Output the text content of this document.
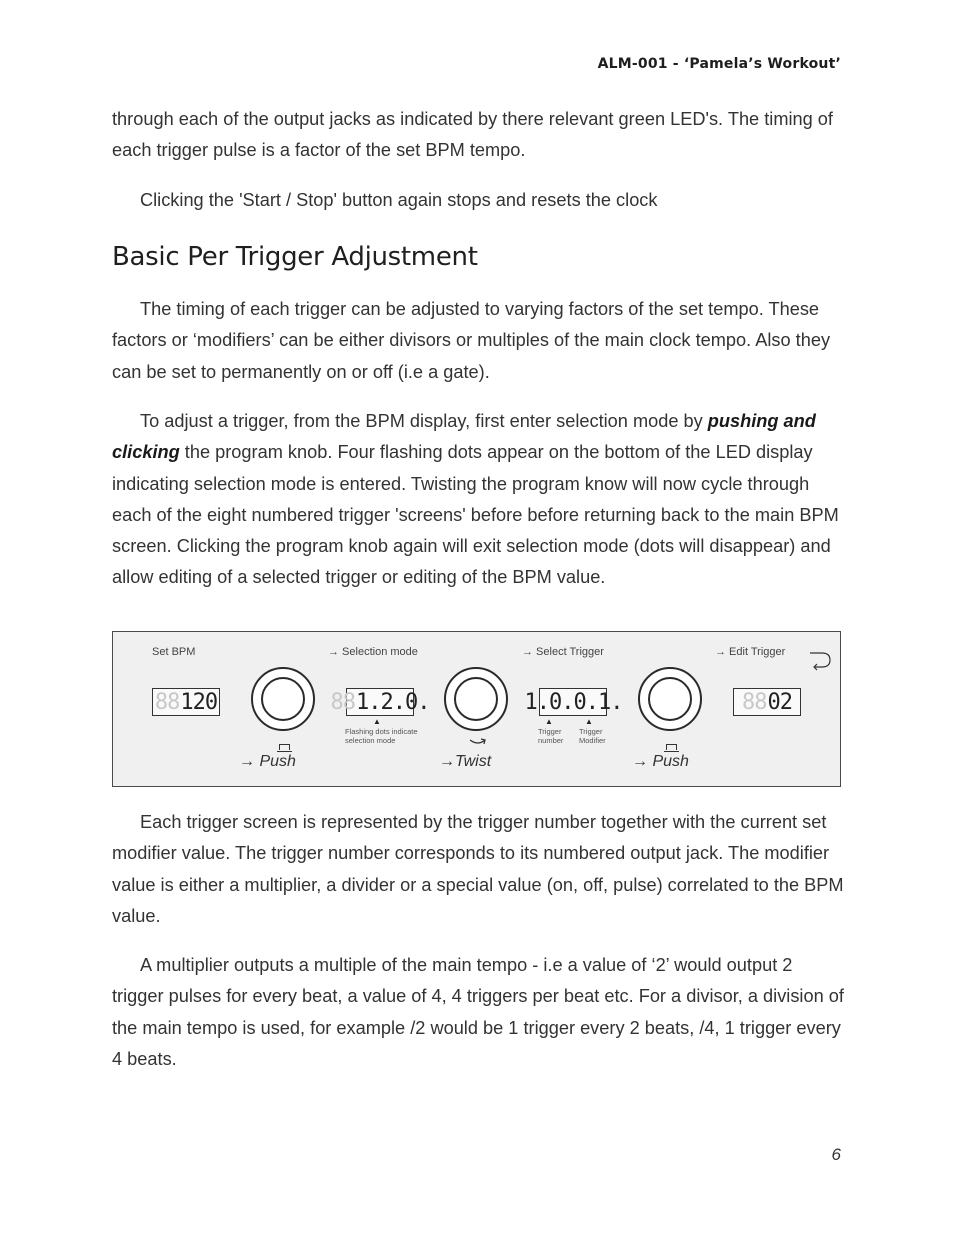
ALM-001 - ‘Pamela’s Workout’

through each of the output jacks as indicated by there relevant green LED's. The timing of each trigger pulse is a factor of the set BPM tempo.

Clicking the 'Start / Stop' button again stops and resets the clock

Basic Per Trigger Adjustment

The timing of each trigger can be adjusted to varying factors of the set tempo. These factors or ‘modifiers’ can be either divisors or multiples of the main clock tempo. Also they can be set to permanently on or off (i.e a gate).

To adjust a trigger, from the BPM display, first enter selection mode by pushing and clicking the program knob. Four flashing dots appear on the bottom of the LED display indicating selection mode is entered. Twisting the program know will now cycle through each of the eight numbered trigger 'screens' before before returning back to the main BPM screen. Clicking the program knob again will exit selection mode (dots will disappear) and allow editing of a selected trigger or editing of the BPM value.

Set BPM	→ Selection mode	→ Select Trigger	→ Edit Trigger
88 120
→ Push
88 1.2.0.
▲
Flashing dots indicate selection mode
→Twist
1.0.0.1.
▲	▲
Trigger number
Trigger Modifier
→ Push
88 02

Each trigger screen is represented by the trigger number together with the current set modifier value. The trigger number corresponds to its numbered output jack. The modifier value is either a multiplier, a divider or a special value (on, off, pulse) correlated to the BPM value.

A multiplier outputs a multiple of the main tempo - i.e a value of ‘2’ would output 2 trigger pulses for every beat, a value of 4, 4 triggers per beat etc. For a divisor, a division of the main tempo is used, for example /2 would be 1 trigger every 2 beats, /4, 1 trigger every 4 beats.

6
